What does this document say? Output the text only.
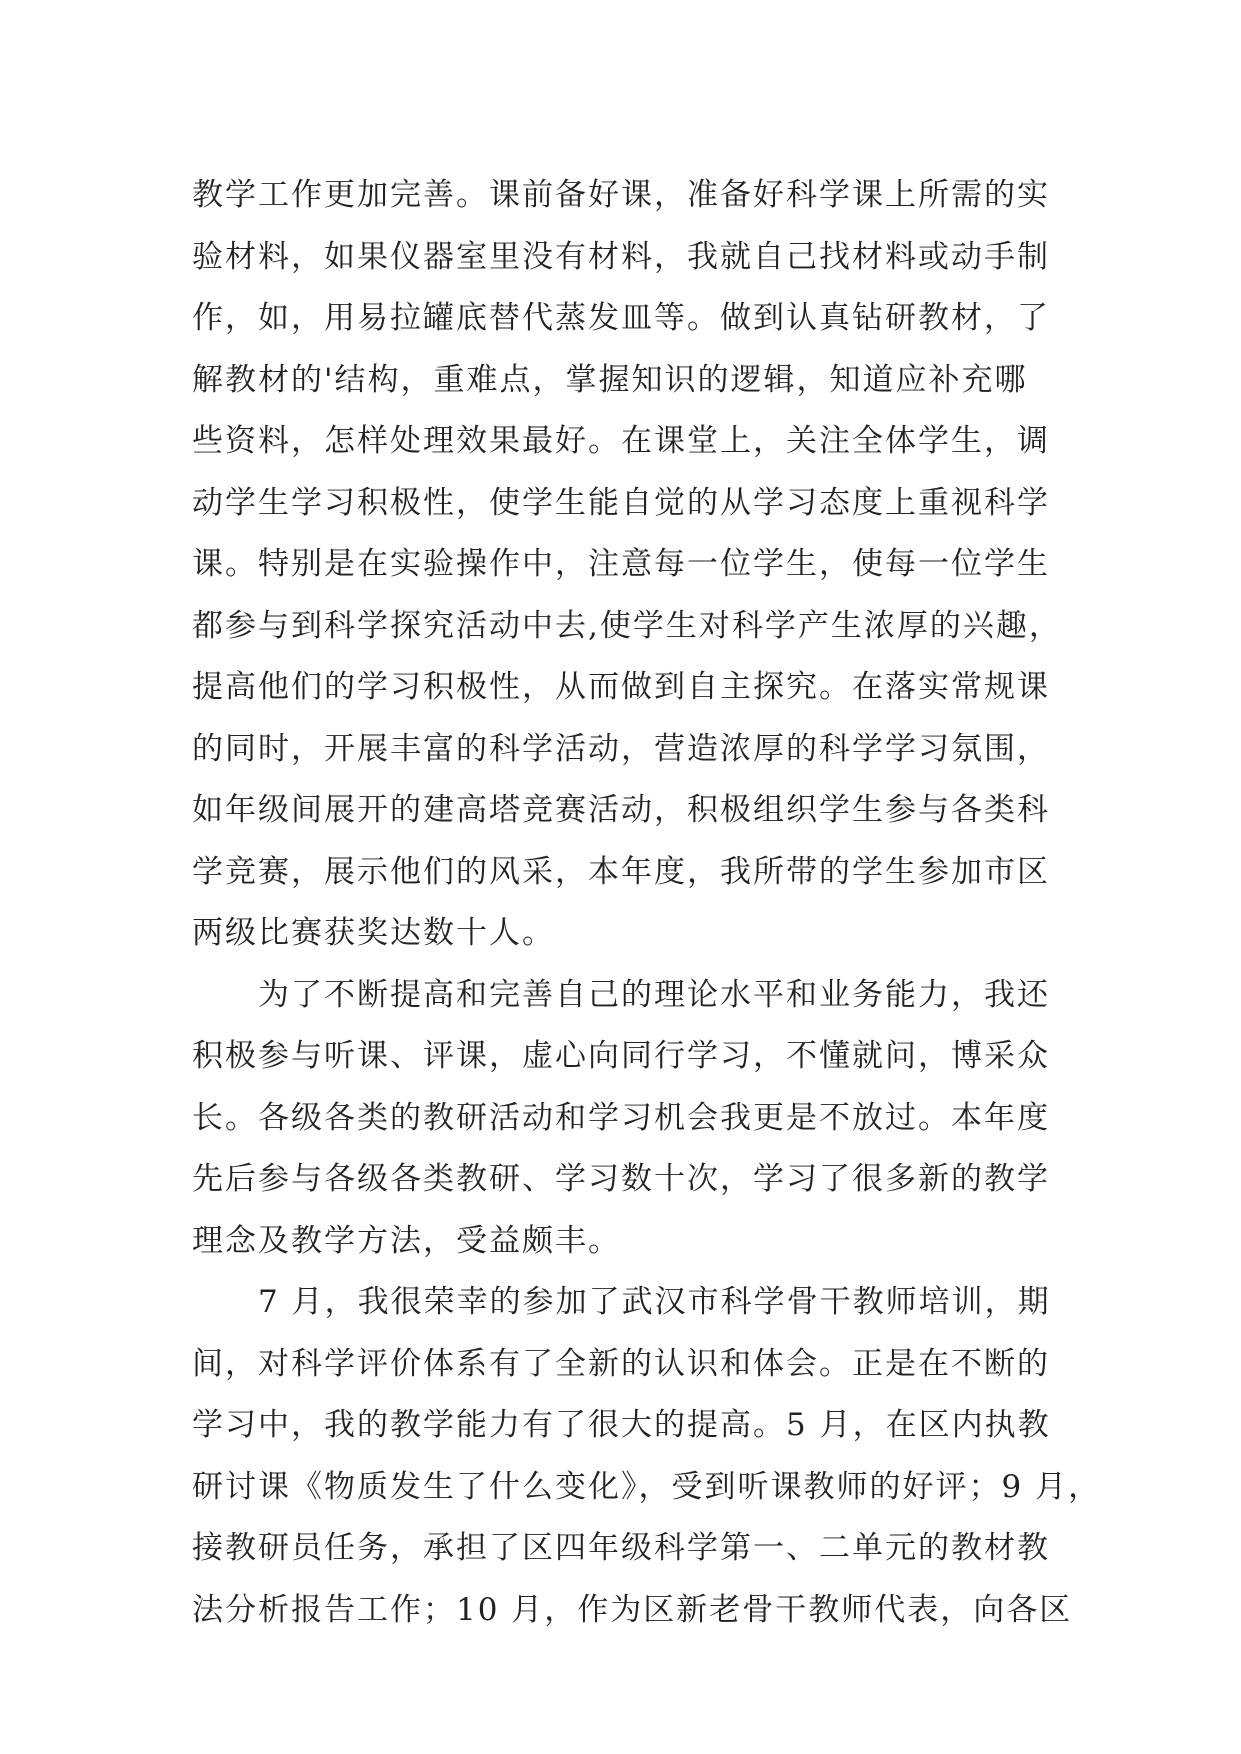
教学工作更加完善。课前备好课，准备好科学课上所需的实
验材料，如果仪器室里没有材料，我就自己找材料或动手制
作，如，用易拉罐底替代蒸发皿等。做到认真钻研教材，了
解教材的'结构，重难点，掌握知识的逻辑，知道应补充哪
些资料，怎样处理效果最好。在课堂上，关注全体学生，调
动学生学习积极性，使学生能自觉的从学习态度上重视科学
课。特别是在实验操作中，注意每一位学生，使每一位学生
都参与到科学探究活动中去,使学生对科学产生浓厚的兴趣，
提高他们的学习积极性，从而做到自主探究。在落实常规课
的同时，开展丰富的科学活动，营造浓厚的科学学习氛围，
如年级间展开的建高塔竞赛活动，积极组织学生参与各类科
学竞赛，展示他们的风采，本年度，我所带的学生参加市区
两级比赛获奖达数十人。
为了不断提高和完善自己的理论水平和业务能力，我还
积极参与听课、评课，虚心向同行学习，不懂就问，博采众
长。各级各类的教研活动和学习机会我更是不放过。本年度
先后参与各级各类教研、学习数十次，学习了很多新的教学
理念及教学方法，受益颇丰。
7 月，我很荣幸的参加了武汉市科学骨干教师培训，期
间，对科学评价体系有了全新的认识和体会。正是在不断的
学习中，我的教学能力有了很大的提高。5 月，在区内执教
研讨课《物质发生了什么变化》，受到听课教师的好评；9 月，
接教研员任务，承担了区四年级科学第一、二单元的教材教
法分析报告工作；10 月，作为区新老骨干教师代表，向各区
